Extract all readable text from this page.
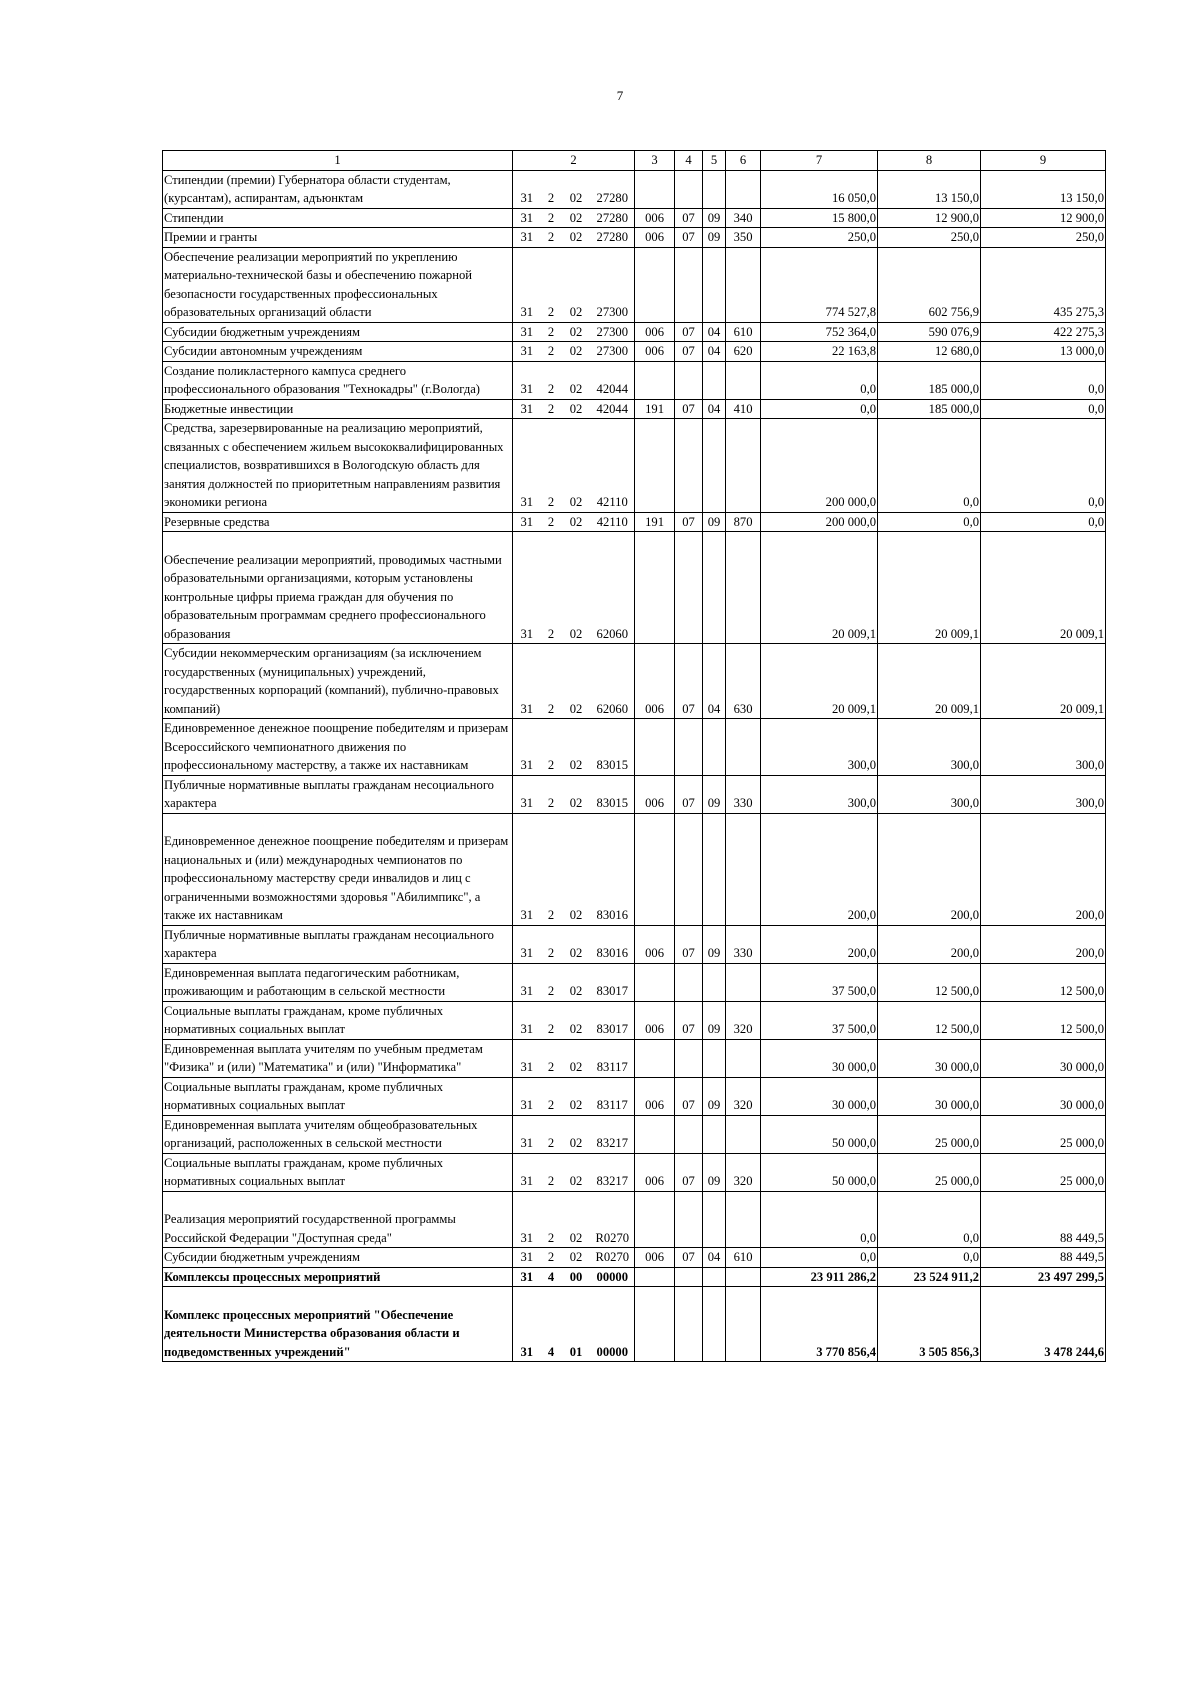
7
1	2				3	4	5	6	7	8	9
Стипендии (премии) Губернатора области студентам, (курсантам), аспирантам, адъюнктам	31	2	02	27280					16 050,0	13 150,0	13 150,0
Стипендии	31	2	02	27280	006	07	09	340	15 800,0	12 900,0	12 900,0
Премии и гранты	31	2	02	27280	006	07	09	350	250,0	250,0	250,0
Обеспечение реализации мероприятий по укреплению материально-технической базы и обеспечению пожарной безопасности государственных профессиональных образовательных организаций области	31	2	02	27300					774 527,8	602 756,9	435 275,3
Субсидии бюджетным учреждениям	31	2	02	27300	006	07	04	610	752 364,0	590 076,9	422 275,3
Субсидии автономным учреждениям	31	2	02	27300	006	07	04	620	22 163,8	12 680,0	13 000,0
Создание поликластерного кампуса среднего профессионального образования "Технокадры" (г.Вологда)	31	2	02	42044					0,0	185 000,0	0,0
Бюджетные инвестиции	31	2	02	42044	191	07	04	410	0,0	185 000,0	0,0
Средства, зарезервированные на реализацию мероприятий, связанных с обеспечением жильем высококвалифицированных специалистов, возвратившихся в Вологодскую область для занятия должностей по приоритетным направлениям развития экономики региона	31	2	02	42110					200 000,0	0,0	0,0
Резервные средства	31	2	02	42110	191	07	09	870	200 000,0	0,0	0,0

Обеспечение реализации мероприятий, проводимых частными образовательными организациями, которым установлены контрольные цифры приема граждан для обучения по образовательным программам среднего профессионального образования	31	2	02	62060					20 009,1	20 009,1	20 009,1
Субсидии некоммерческим организациям (за исключением государственных (муниципальных) учреждений, государственных корпораций (компаний), публично-правовых компаний)	31	2	02	62060	006	07	04	630	20 009,1	20 009,1	20 009,1
Единовременное денежное поощрение победителям и призерам Всероссийского чемпионатного движения по профессиональному мастерству, а также их наставникам	31	2	02	83015					300,0	300,0	300,0
Публичные нормативные выплаты гражданам несоциального характера	31	2	02	83015	006	07	09	330	300,0	300,0	300,0

Единовременное денежное поощрение победителям и призерам национальных и (или) международных чемпионатов по профессиональному мастерству среди инвалидов и лиц с ограниченными возможностями здоровья "Абилимпикс", а также их наставникам	31	2	02	83016					200,0	200,0	200,0
Публичные нормативные выплаты гражданам несоциального характера	31	2	02	83016	006	07	09	330	200,0	200,0	200,0
Единовременная выплата педагогическим работникам, проживающим и работающим в сельской местности	31	2	02	83017					37 500,0	12 500,0	12 500,0
Социальные выплаты гражданам, кроме публичных нормативных социальных выплат	31	2	02	83017	006	07	09	320	37 500,0	12 500,0	12 500,0
Единовременная выплата учителям по учебным предметам "Физика" и (или) "Математика" и (или) "Информатика"	31	2	02	83117					30 000,0	30 000,0	30 000,0
Социальные выплаты гражданам, кроме публичных нормативных социальных выплат	31	2	02	83117	006	07	09	320	30 000,0	30 000,0	30 000,0
Единовременная выплата учителям общеобразовательных организаций, расположенных в сельской местности	31	2	02	83217					50 000,0	25 000,0	25 000,0
Социальные выплаты гражданам, кроме публичных нормативных социальных выплат	31	2	02	83217	006	07	09	320	50 000,0	25 000,0	25 000,0

Реализация мероприятий государственной программы Российской Федерации "Доступная среда"	31	2	02	R0270					0,0	0,0	88 449,5
Субсидии бюджетным учреждениям	31	2	02	R0270	006	07	04	610	0,0	0,0	88 449,5
Комплексы процессных мероприятий	31	4	00	00000					23 911 286,2	23 524 911,2	23 497 299,5

Комплекс процессных мероприятий "Обеспечение деятельности Министерства образования области и подведомственных учреждений"	31	4	01	00000					3 770 856,4	3 505 856,3	3 478 244,6
